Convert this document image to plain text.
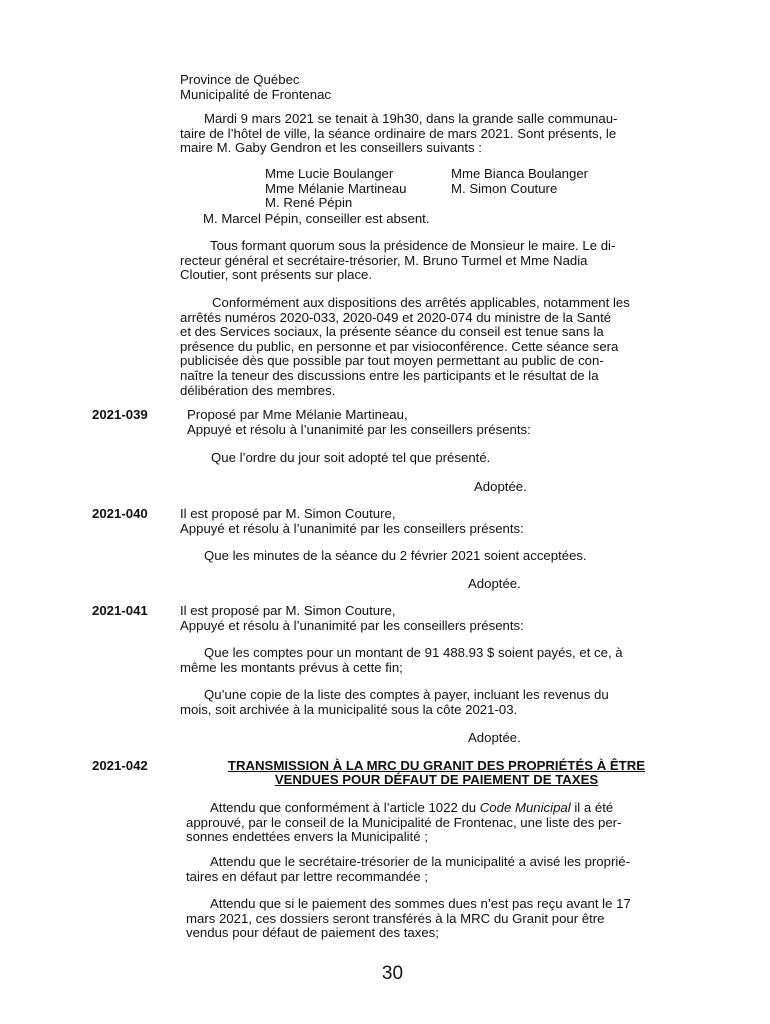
Province de Québec
Municipalité de Frontenac
Mardi 9 mars 2021 se tenait à 19h30, dans la grande salle communau-
taire de l’hôtel de ville, la séance ordinaire de mars 2021. Sont présents, le
maire M. Gaby Gendron et les conseillers suivants :
Mme Lucie Boulanger	Mme Bianca Boulanger
Mme Mélanie Martineau	M. Simon Couture
M. René Pépin
M. Marcel Pépin, conseiller est absent.
Tous formant quorum sous la présidence de Monsieur le maire. Le di-
recteur général et secrétaire-trésorier, M. Bruno Turmel et Mme Nadia
Cloutier, sont présents sur place.
Conformément aux dispositions des arrêtés applicables, notamment les
arrêtés numéros 2020-033, 2020-049 et 2020-074 du ministre de la Santé
et des Services sociaux, la présente séance du conseil est tenue sans la
présence du public, en personne et par visioconférence. Cette séance sera
publicisée dès que possible par tout moyen permettant au public de con-
naître la teneur des discussions entre les participants et le résultat de la
délibération des membres.
2021-039	Proposé par Mme Mélanie Martineau,
Appuyé et résolu à l’unanimité par les conseillers présents:
Que l’ordre du jour soit adopté tel que présenté.
Adoptée.
2021-040 Il est proposé par M. Simon Couture,
Appuyé et résolu à l’unanimité par les conseillers présents:
Que les minutes de la séance du 2 février 2021 soient acceptées.
Adoptée.
2021-041 Il est proposé par M. Simon Couture,
Appuyé et résolu à l’unanimité par les conseillers présents:
Que les comptes pour un montant de 91 488.93 $ soient payés, et ce, à
même les montants prévus à cette fin;
Qu’une copie de la liste des comptes à payer, incluant les revenus du
mois, soit archivée à la municipalité sous la côte 2021-03.
Adoptée.
2021-042	TRANSMISSION À LA MRC DU GRANIT DES PROPRIÉTÉS À ÊTRE
VENDUES POUR DÉFAUT DE PAIEMENT DE TAXES
Attendu que conformément à l’article 1022 du Code Municipal il a été
approuvé, par le conseil de la Municipalité de Frontenac, une liste des per-
sonnes endettées envers la Municipalité ;
Attendu que le secrétaire-trésorier de la municipalité a avisé les proprié-
taires en défaut par lettre recommandée ;
Attendu que si le paiement des sommes dues n’est pas reçu avant le 17
mars 2021, ces dossiers seront transférés à la MRC du Granit pour être
vendus pour défaut de paiement des taxes;
30
